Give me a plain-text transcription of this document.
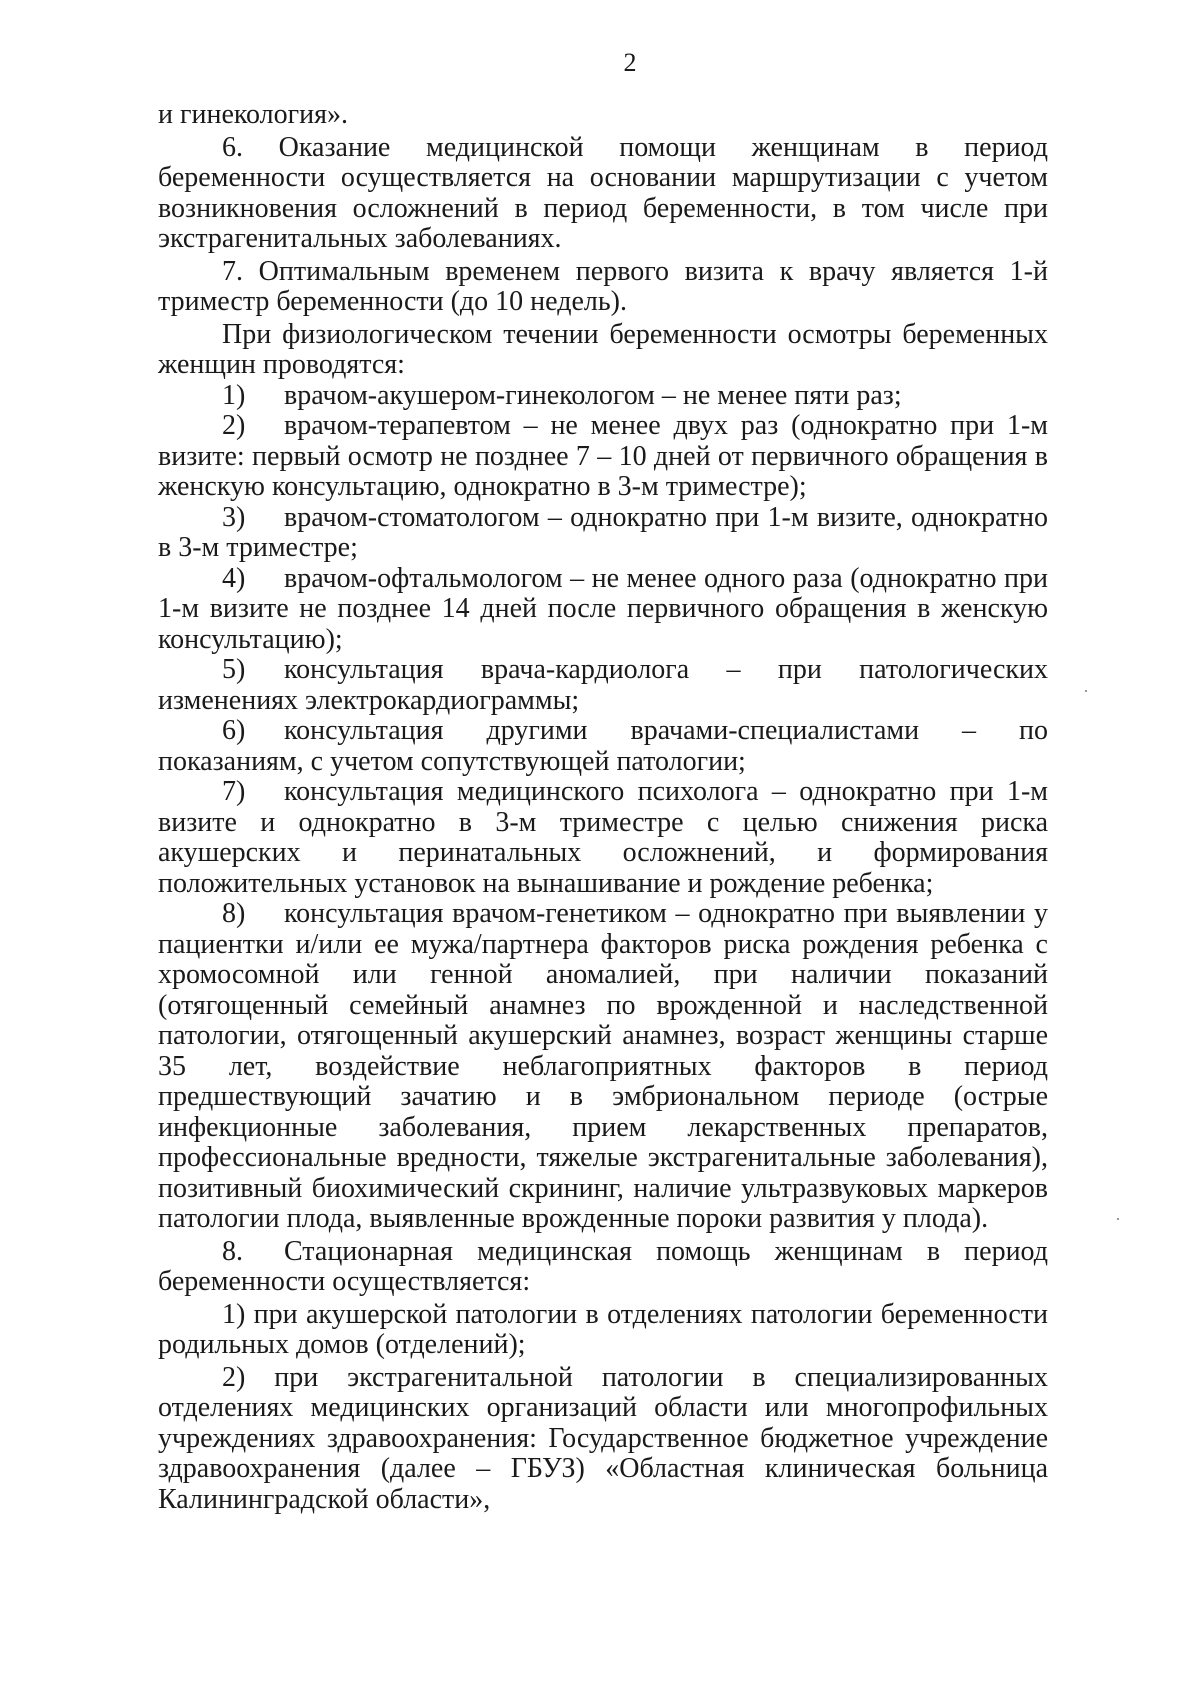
2

и гинекология».

6. Оказание медицинской помощи женщинам в период беременности осуществляется на основании маршрутизации с учетом возникновения осложнений в период беременности, в том числе при экстрагенитальных заболеваниях.

7. Оптимальным временем первого визита к врачу является 1-й триместр беременности (до 10 недель).

При физиологическом течении беременности осмотры беременных женщин проводятся:

1) врачом-акушером-гинекологом – не менее пяти раз;

2) врачом-терапевтом – не менее двух раз (однократно при 1-м визите: первый осмотр не позднее 7 – 10 дней от первичного обращения в женскую консультацию, однократно в 3-м триместре);

3) врачом-стоматологом – однократно при 1-м визите, однократно в 3-м триместре;

4) врачом-офтальмологом – не менее одного раза (однократно при 1-м визите не позднее 14 дней после первичного обращения в женскую консультацию);

5) консультация врача-кардиолога – при патологических изменениях электрокардиограммы;

6) консультация другими врачами-специалистами – по показаниям, с учетом сопутствующей патологии;

7) консультация медицинского психолога – однократно при 1-м визите и однократно в 3-м триместре с целью снижения риска акушерских и перинатальных осложнений, и формирования положительных установок на вынашивание и рождение ребенка;

8) консультация врачом-генетиком – однократно при выявлении у пациентки и/или ее мужа/партнера факторов риска рождения ребенка с хромосомной или генной аномалией, при наличии показаний (отягощенный семейный анамнез по врожденной и наследственной патологии, отягощенный акушерский анамнез, возраст женщины старше 35 лет, воздействие неблагоприятных факторов в период предшествующий зачатию и в эмбриональном периоде (острые инфекционные заболевания, прием лекарственных препаратов, профессиональные вредности, тяжелые экстрагенитальные заболевания), позитивный биохимический скрининг, наличие ультразвуковых маркеров патологии плода, выявленные врожденные пороки развития у плода).

8. Стационарная медицинская помощь женщинам в период беременности осуществляется:

1) при акушерской патологии в отделениях патологии беременности родильных домов (отделений);

2) при экстрагенитальной патологии в специализированных отделениях медицинских организаций области или многопрофильных учреждениях здравоохранения: Государственное бюджетное учреждение здравоохранения (далее – ГБУЗ) «Областная клиническая больница Калининградской области»,
